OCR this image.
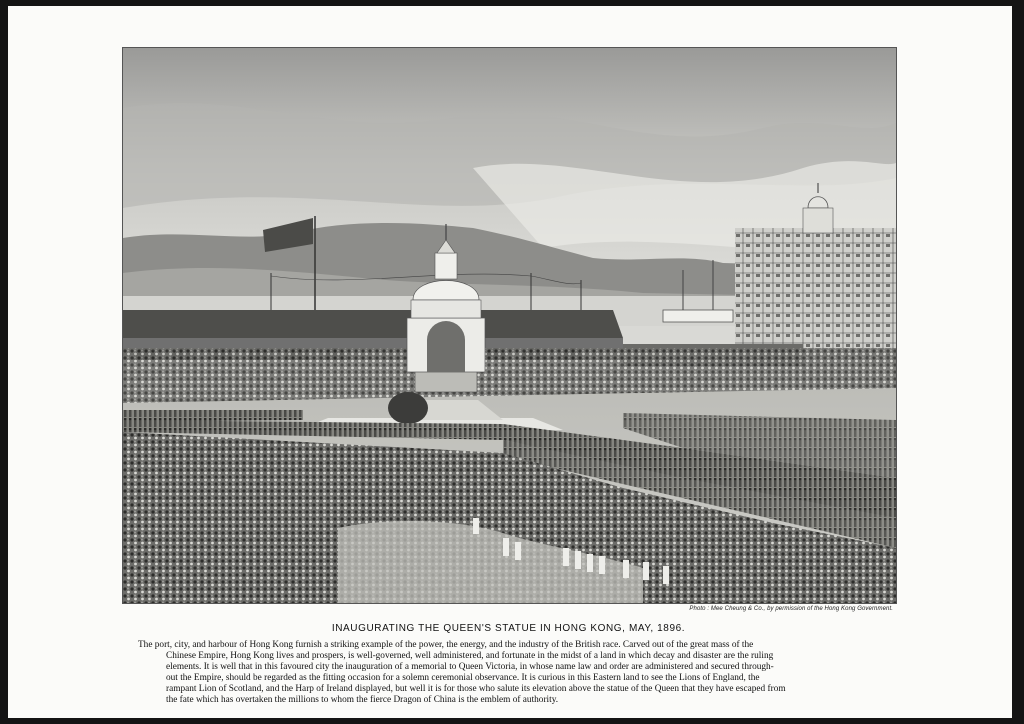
Photo : Mee Cheung & Co., by permission of the Hong Kong Government.
INAUGURATING THE QUEEN'S STATUE IN HONG KONG, MAY, 1896.
The port, city, and harbour of Hong Kong furnish a striking example of the power, the energy, and the industry of the British race. Carved out of the great mass of the
Chinese Empire, Hong Kong lives and prospers, is well-governed, well administered, and fortunate in the midst of a land in which decay and disaster are the ruling
elements. It is well that in this favoured city the inauguration of a memorial to Queen Victoria, in whose name law and order are administered and secured through-
out the Empire, should be regarded as the fitting occasion for a solemn ceremonial observance. It is curious in this Eastern land to see the Lions of England, the
rampant Lion of Scotland, and the Harp of Ireland displayed, but well it is for those who salute its elevation above the statue of the Queen that they have escaped from
the fate which has overtaken the millions to whom the fierce Dragon of China is the emblem of authority.
